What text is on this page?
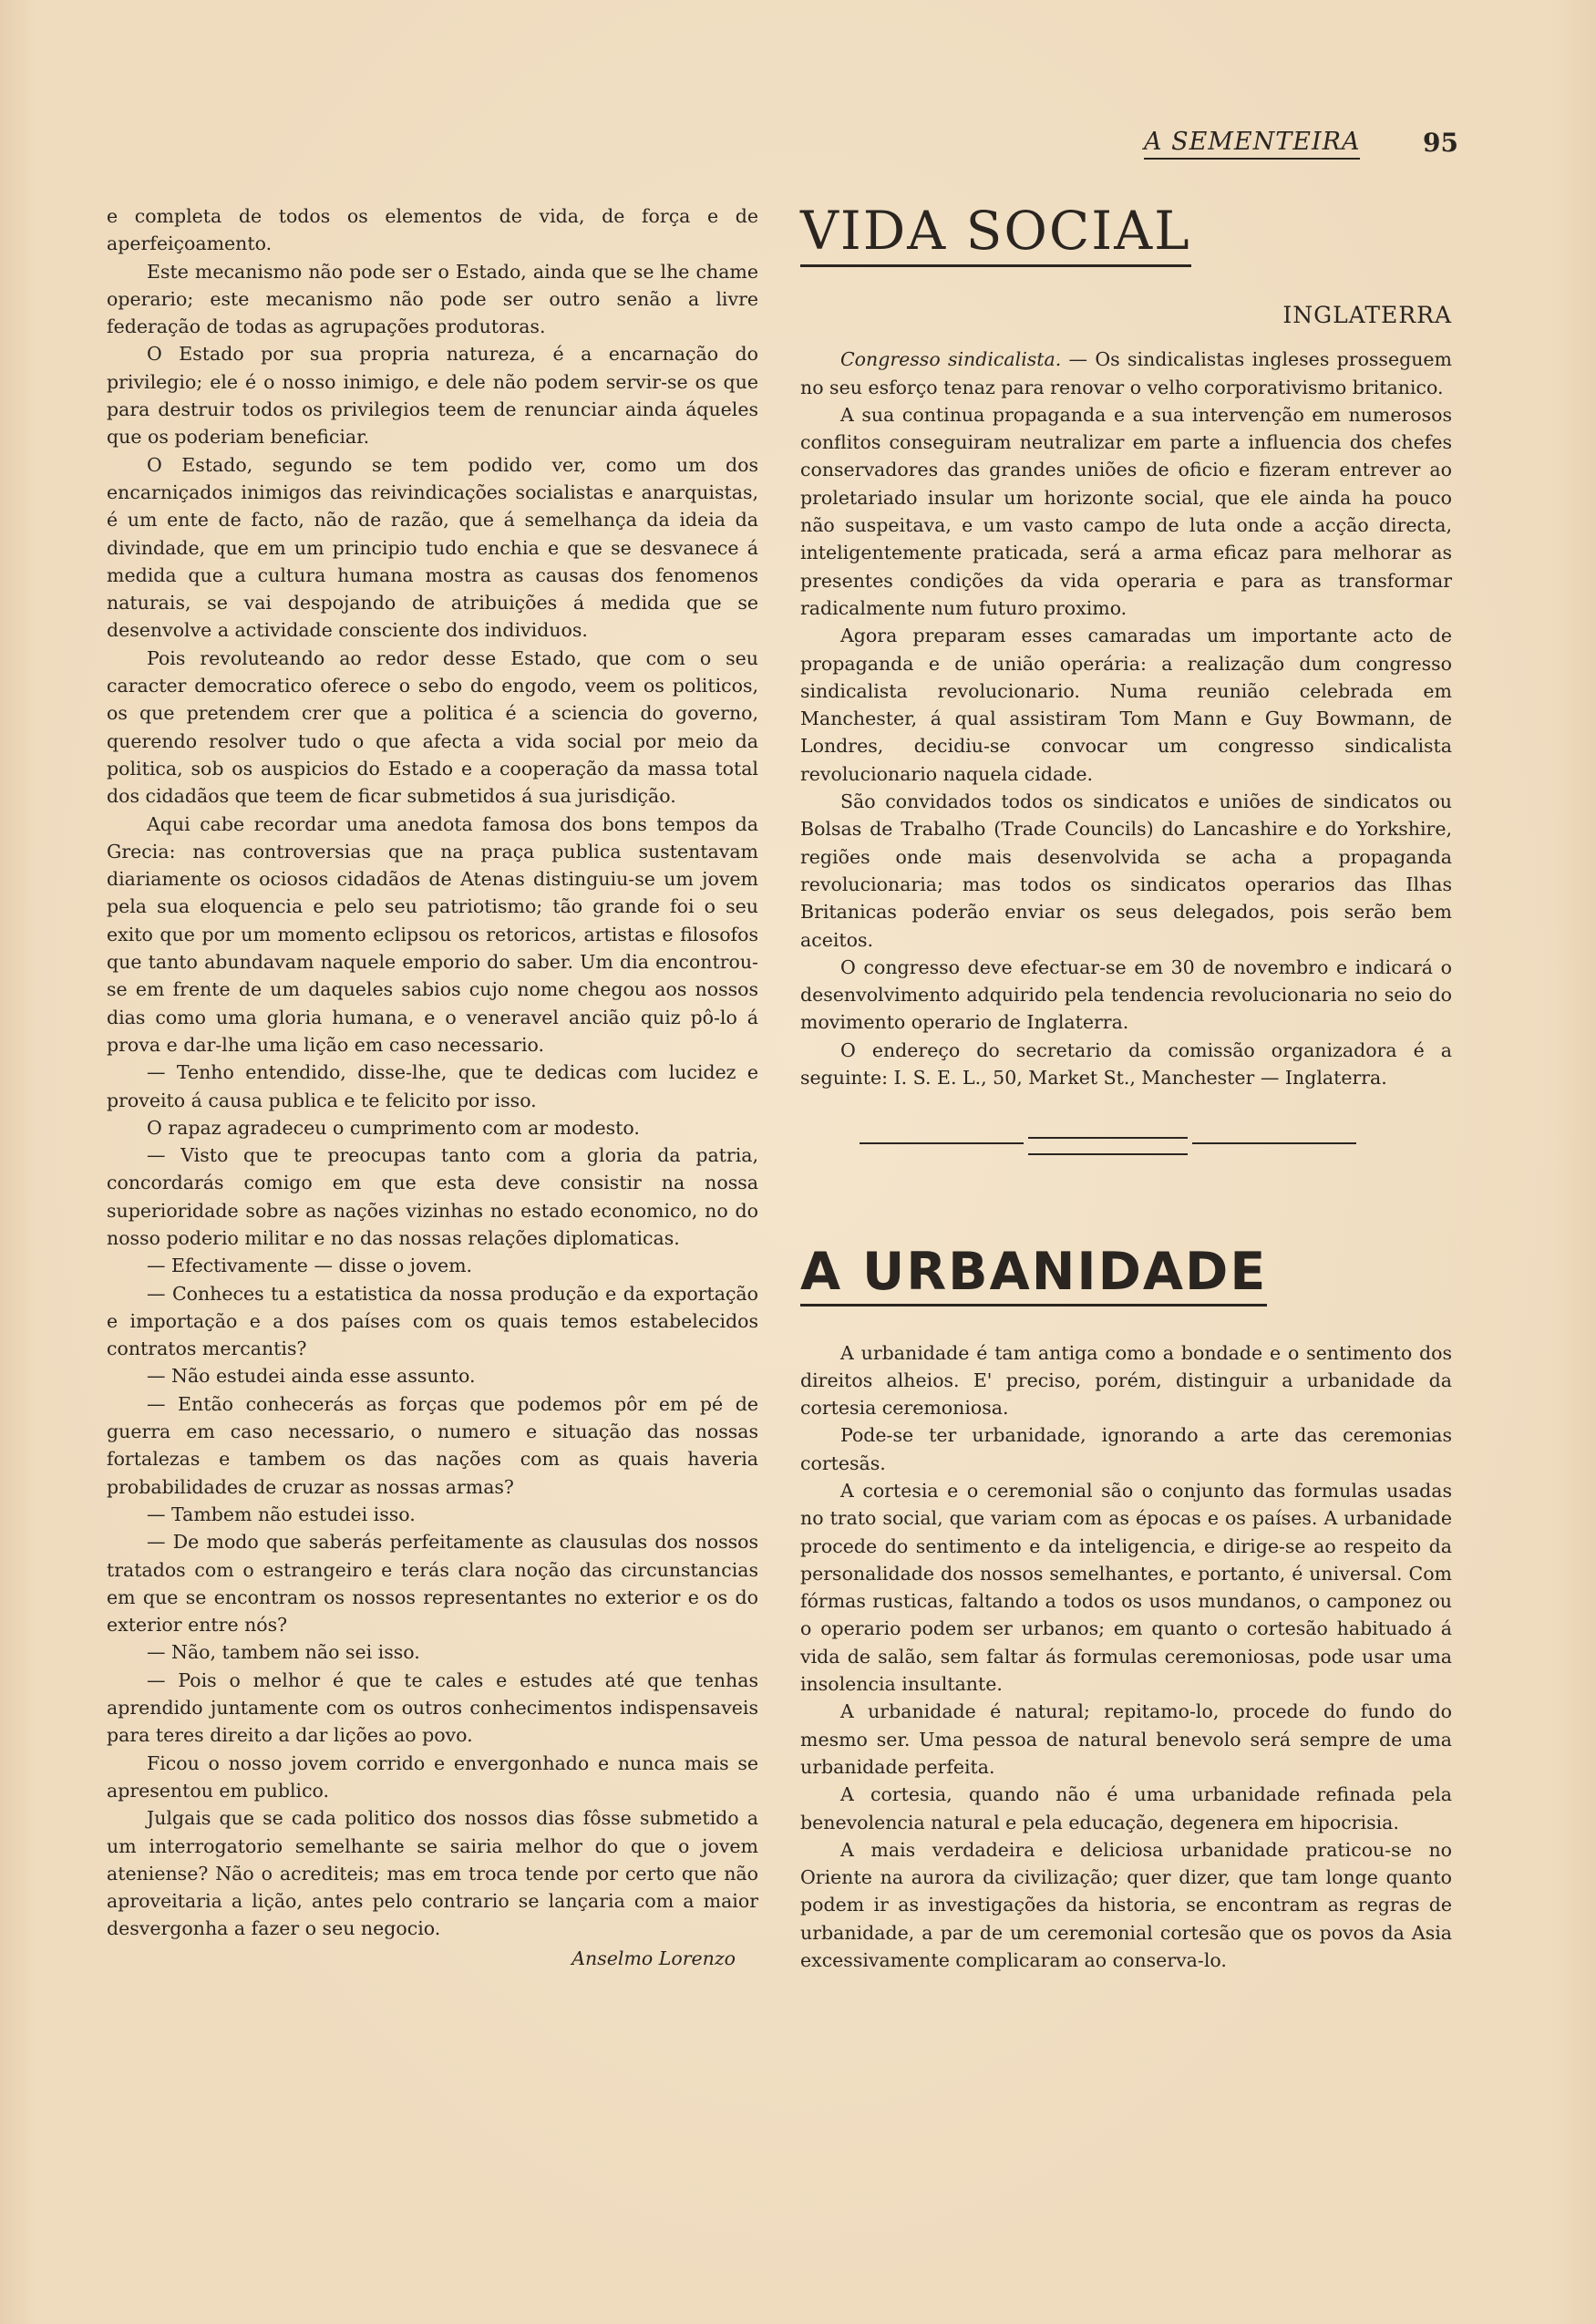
A SEMENTEIRA 95

e completa de todos os elementos de vida, de força e de aperfeiçoamento.

Este mecanismo não pode ser o Estado, ainda que se lhe chame operario; este mecanismo não pode ser outro senão a livre federação de todas as agrupações produtoras.

O Estado por sua propria natureza, é a encarnação do privilegio; ele é o nosso inimigo, e dele não podem servir-se os que para destruir todos os privilegios teem de renunciar ainda áqueles que os poderiam beneficiar.

O Estado, segundo se tem podido ver, como um dos encarniçados inimigos das reivindicações socialistas e anarquistas, é um ente de facto, não de razão, que á semelhança da ideia da divindade, que em um principio tudo enchia e que se desvanece á medida que a cultura humana mostra as causas dos fenomenos naturais, se vai despojando de atribuições á medida que se desenvolve a actividade consciente dos individuos.

Pois revoluteando ao redor desse Estado, que com o seu caracter democratico oferece o sebo do engodo, veem os politicos, os que pretendem crer que a politica é a sciencia do governo, querendo resolver tudo o que afecta a vida social por meio da politica, sob os auspicios do Estado e a cooperação da massa total dos cidadãos que teem de ficar submetidos á sua jurisdição.

Aqui cabe recordar uma anedota famosa dos bons tempos da Grecia: nas controversias que na praça publica sustentavam diariamente os ociosos cidadãos de Atenas distinguiu-se um jovem pela sua eloquencia e pelo seu patriotismo; tão grande foi o seu exito que por um momento eclipsou os retoricos, artistas e filosofos que tanto abundavam naquele emporio do saber. Um dia encontrou-se em frente de um daqueles sabios cujo nome chegou aos nossos dias como uma gloria humana, e o veneravel ancião quiz pô-lo á prova e dar-lhe uma lição em caso necessario.

— Tenho entendido, disse-lhe, que te dedicas com lucidez e proveito á causa publica e te felicito por isso.

O rapaz agradeceu o cumprimento com ar modesto.

— Visto que te preocupas tanto com a gloria da patria, concordarás comigo em que esta deve consistir na nossa superioridade sobre as nações vizinhas no estado economico, no do nosso poderio militar e no das nossas relações diplomaticas.

— Efectivamente — disse o jovem.

— Conheces tu a estatistica da nossa produção e da exportação e importação e a dos países com os quais temos estabelecidos contratos mercantis?

— Não estudei ainda esse assunto.

— Então conhecerás as forças que podemos pôr em pé de guerra em caso necessario, o numero e situação das nossas fortalezas e tambem os das nações com as quais haveria probabilidades de cruzar as nossas armas?

— Tambem não estudei isso.

— De modo que saberás perfeitamente as clausulas dos nossos tratados com o estrangeiro e terás clara noção das circunstancias em que se encontram os nossos representantes no exterior e os do exterior entre nós?

— Não, tambem não sei isso.

— Pois o melhor é que te cales e estudes até que tenhas aprendido juntamente com os outros conhecimentos indispensaveis para teres direito a dar lições ao povo.

Ficou o nosso jovem corrido e envergonhado e nunca mais se apresentou em publico.

Julgais que se cada politico dos nossos dias fôsse submetido a um interrogatorio semelhante se sairia melhor do que o jovem ateniense? Não o acrediteis; mas em troca tende por certo que não aproveitaria a lição, antes pelo contrario se lançaria com a maior desvergonha a fazer o seu negocio.

Anselmo Lorenzo
VIDA SOCIAL
INGLATERRA

Congresso sindicalista. — Os sindicalistas ingleses prosseguem no seu esforço tenaz para renovar o velho corporativismo britanico.

A sua continua propaganda e a sua intervenção em numerosos conflitos conseguiram neutralizar em parte a influencia dos chefes conservadores das grandes uniões de oficio e fizeram entrever ao proletariado insular um horizonte social, que ele ainda ha pouco não suspeitava, e um vasto campo de luta onde a acção directa, inteligentemente praticada, será a arma eficaz para melhorar as presentes condições da vida operaria e para as transformar radicalmente num futuro proximo.

Agora preparam esses camaradas um importante acto de propaganda e de união operária: a realização dum congresso sindicalista revolucionario. Numa reunião celebrada em Manchester, á qual assistiram Tom Mann e Guy Bowmann, de Londres, decidiu-se convocar um congresso sindicalista revolucionario naquela cidade.

São convidados todos os sindicatos e uniões de sindicatos ou Bolsas de Trabalho (Trade Councils) do Lancashire e do Yorkshire, regiões onde mais desenvolvida se acha a propaganda revolucionaria; mas todos os sindicatos operarios das Ilhas Britanicas poderão enviar os seus delegados, pois serão bem aceitos.

O congresso deve efectuar-se em 30 de novembro e indicará o desenvolvimento adquirido pela tendencia revolucionaria no seio do movimento operario de Inglaterra.

O endereço do secretario da comissão organizadora é a seguinte: I. S. E. L., 50, Market St., Manchester — Inglaterra.

A URBANIDADE

A urbanidade é tam antiga como a bondade e o sentimento dos direitos alheios. E' preciso, porém, distinguir a urbanidade da cortesia ceremoniosa.

Pode-se ter urbanidade, ignorando a arte das ceremonias cortesãs.

A cortesia e o ceremonial são o conjunto das formulas usadas no trato social, que variam com as épocas e os países. A urbanidade procede do sentimento e da inteligencia, e dirige-se ao respeito da personalidade dos nossos semelhantes, e portanto, é universal. Com fórmas rusticas, faltando a todos os usos mundanos, o camponez ou o operario podem ser urbanos; em quanto o cortesão habituado á vida de salão, sem faltar ás formulas ceremoniosas, pode usar uma insolencia insultante.

A urbanidade é natural; repitamo-lo, procede do fundo do mesmo ser. Uma pessoa de natural benevolo será sempre de uma urbanidade perfeita.

A cortesia, quando não é uma urbanidade refinada pela benevolencia natural e pela educação, degenera em hipocrisia.

A mais verdadeira e deliciosa urbanidade praticou-se no Oriente na aurora da civilização; quer dizer, que tam longe quanto podem ir as investigações da historia, se encontram as regras de urbanidade, a par de um ceremonial cortesão que os povos da Asia excessivamente complicaram ao conserva-lo.
